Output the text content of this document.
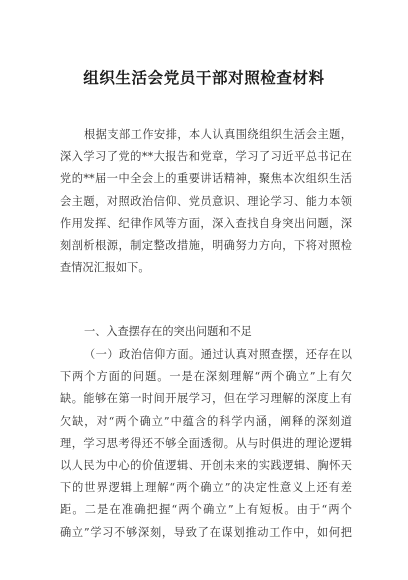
组织生活会党员干部对照检查材料

根据支部工作安排，本人认真围绕组织生活会主题，
深入学习了党的**大报告和党章，学习了习近平总书记在
党的**届一中全会上的重要讲话精神，聚焦本次组织生活
会主题，对照政治信仰、党员意识、理论学习、能力本领
作用发挥、纪律作风等方面，深入查找自身突出问题，深
刻剖析根源，制定整改措施，明确努力方向，下将对照检
查情况汇报如下。

一、入查摆存在的突出问题和不足

（一）政治信仰方面。通过认真对照查摆，还存在以
下两个方面的问题。一是在深刻理解“两个确立”上有欠
缺。能够在第一时间开展学习，但在学习理解的深度上有
欠缺，对“两个确立”中蕴含的科学内涵，阐释的深刻道
理，学习思考得还不够全面透彻。从与时俱进的理论逻辑
以人民为中心的价值逻辑、开创未来的实践逻辑、胸怀天
下的世界逻辑上理解“两个确立”的决定性意义上还有差
距。二是在准确把握“两个确立”上有短板。由于“两个
确立”学习不够深刻，导致了在谋划推动工作中，如何把
